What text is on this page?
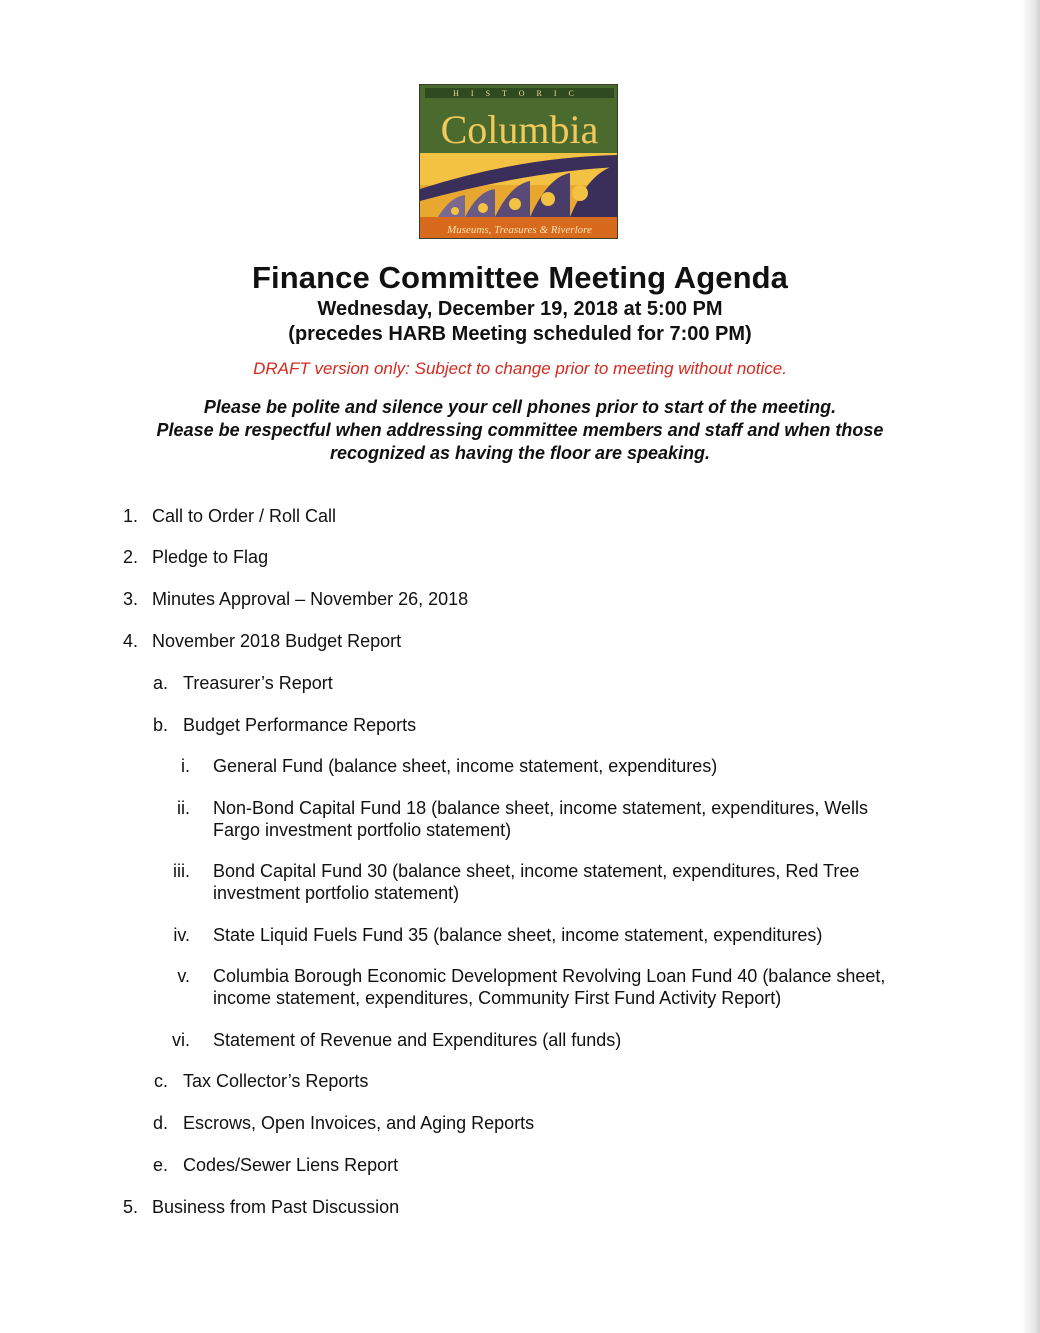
HISTORIC
Columbia
Museums, Treasures & Riverlore
Finance Committee Meeting Agenda
Wednesday, December 19, 2018 at 5:00 PM
(precedes HARB Meeting scheduled for 7:00 PM)
DRAFT version only: Subject to change prior to meeting without notice.
Please be polite and silence your cell phones prior to start of the meeting.
Please be respectful when addressing committee members and staff and when those
recognized as having the floor are speaking.
1. Call to Order / Roll Call
2. Pledge to Flag
3. Minutes Approval – November 26, 2018
4. November 2018 Budget Report
a. Treasurer’s Report
b. Budget Performance Reports
i. General Fund (balance sheet, income statement, expenditures)
ii. Non-Bond Capital Fund 18 (balance sheet, income statement, expenditures, Wells
Fargo investment portfolio statement)
iii. Bond Capital Fund 30 (balance sheet, income statement, expenditures, Red Tree
investment portfolio statement)
iv. State Liquid Fuels Fund 35 (balance sheet, income statement, expenditures)
v. Columbia Borough Economic Development Revolving Loan Fund 40 (balance sheet,
income statement, expenditures, Community First Fund Activity Report)
vi. Statement of Revenue and Expenditures (all funds)
c. Tax Collector’s Reports
d. Escrows, Open Invoices, and Aging Reports
e. Codes/Sewer Liens Report
5. Business from Past Discussion
